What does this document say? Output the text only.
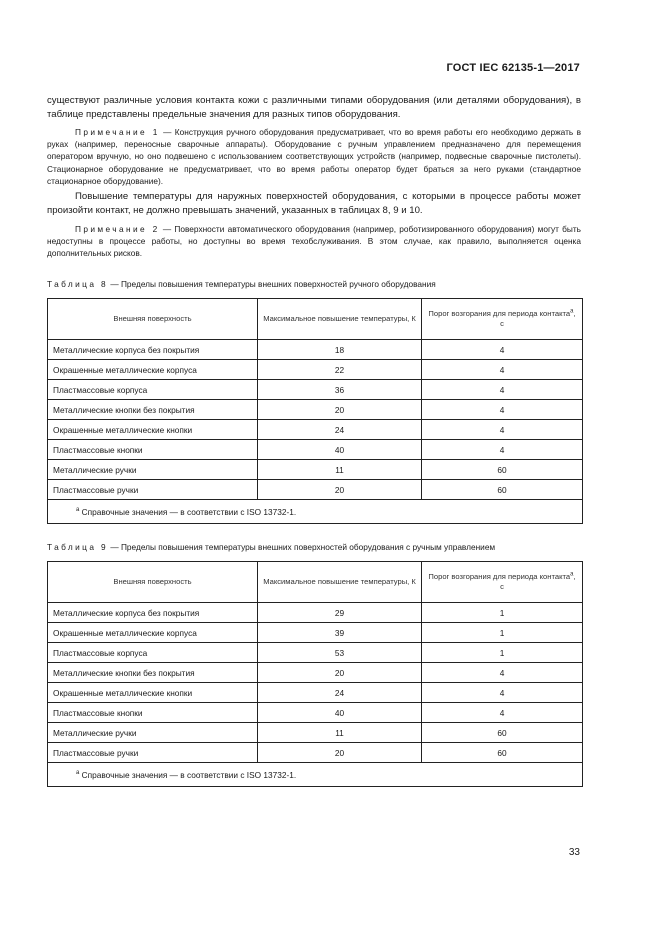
ГОСТ IEC 62135-1—2017
существуют различные условия контакта кожи с различными типами оборудования (или деталями оборудования), в таблице представлены предельные значения для разных типов оборудования.
Примечание 1 — Конструкция ручного оборудования предусматривает, что во время работы его необходимо держать в руках (например, переносные сварочные аппараты). Оборудование с ручным управлением предназначено для перемещения оператором вручную, но оно подвешено с использованием соответствующих устройств (например, подвесные сварочные пистолеты). Стационарное оборудование не предусматривает, что во время работы оператор будет браться за него руками (стандартное стационарное оборудование).
Повышение температуры для наружных поверхностей оборудования, с которыми в процессе работы может произойти контакт, не должно превышать значений, указанных в таблицах 8, 9 и 10.
Примечание 2 — Поверхности автоматического оборудования (например, роботизированного оборудования) могут быть недоступны в процессе работы, но доступны во время техобслуживания. В этом случае, как правило, выполняется оценка дополнительных рисков.
Таблица 8 — Пределы повышения температуры внешних поверхностей ручного оборудования
Внешняя поверхность	Максимальное повышение температуры, К	Порог возгорания для периода контакта$^a$, с
Металлические корпуса без покрытия	18	4
Окрашенные металлические корпуса	22	4
Пластмассовые корпуса	36	4
Металлические кнопки без покрытия	20	4
Окрашенные металлические кнопки	24	4
Пластмассовые кнопки	40	4
Металлические ручки	11	60
Пластмассовые ручки	20	60
$^a$ Справочные значения — в соответствии с ISO 13732-1.		
Таблица 9 — Пределы повышения температуры внешних поверхностей оборудования с ручным управлением
Внешняя поверхность	Максимальное повышение температуры, К	Порог возгорания для периода контакта$^a$, с
Металлические корпуса без покрытия	29	1
Окрашенные металлические корпуса	39	1
Пластмассовые корпуса	53	1
Металлические кнопки без покрытия	20	4
Окрашенные металлические кнопки	24	4
Пластмассовые кнопки	40	4
Металлические ручки	11	60
Пластмассовые ручки	20	60
$^a$ Справочные значения — в соответствии с ISO 13732-1.		
33
